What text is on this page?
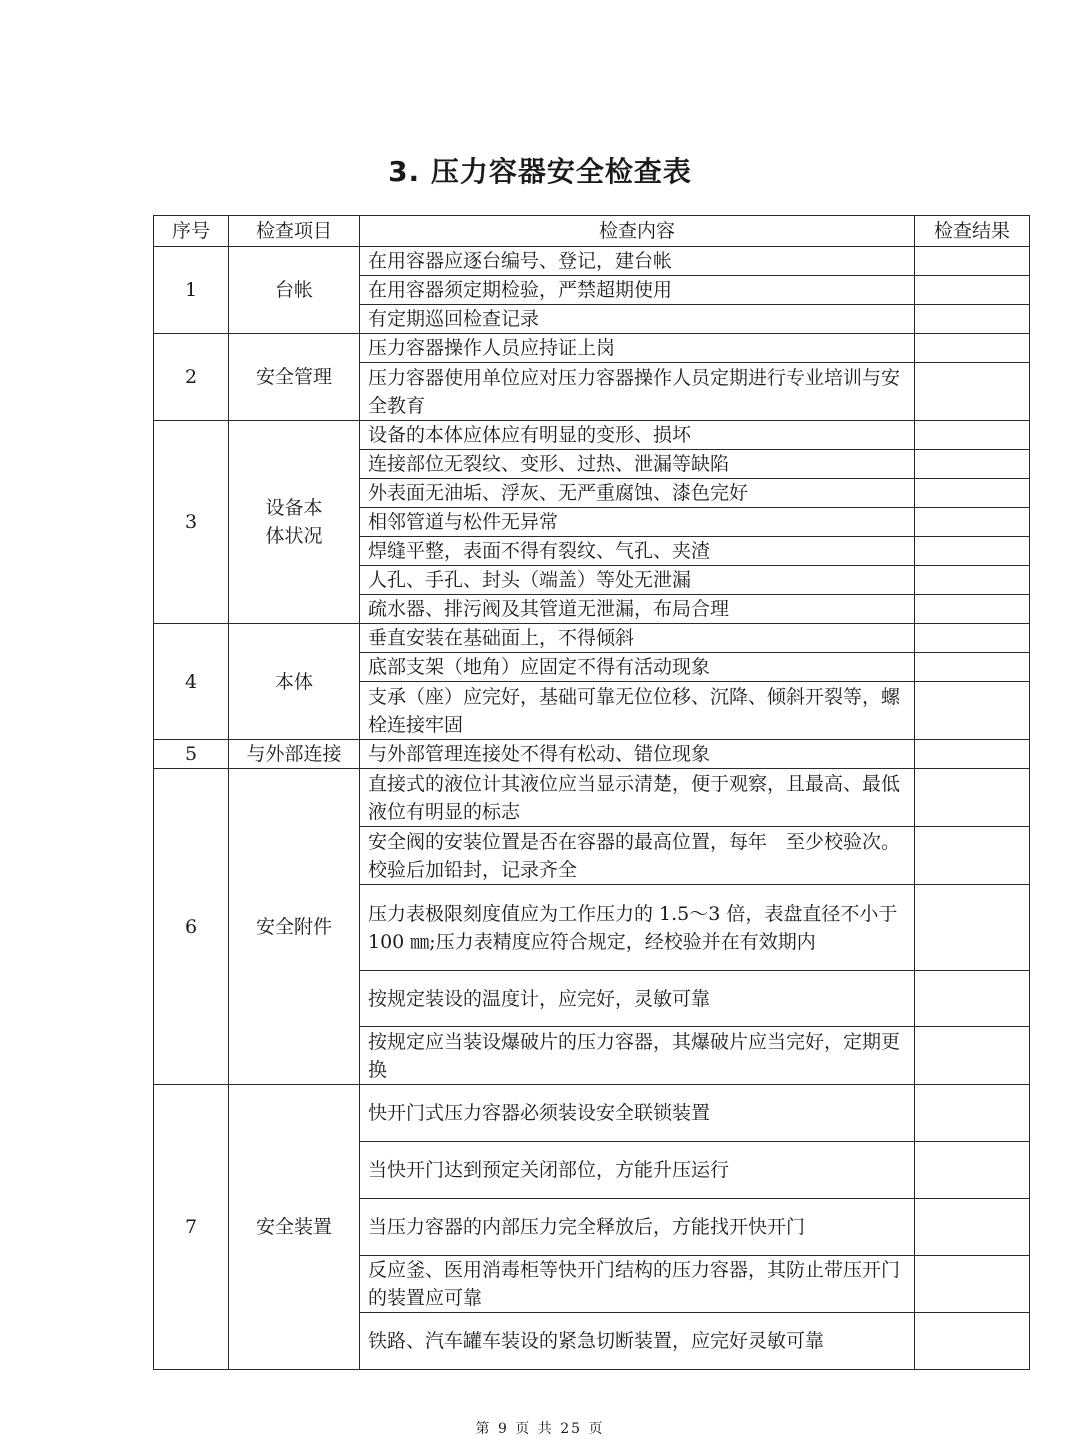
3. 压力容器安全检查表
序号	检查项目	检查内容	检查结果
1	台帐	在用容器应逐台编号、登记，建台帐	
		在用容器须定期检验，严禁超期使用	
		有定期巡回检查记录	
2	安全管理	压力容器操作人员应持证上岗	
		压力容器使用单位应对压力容器操作人员定期进行专业培训与安全教育	
3	设备本体状况	设备的本体应体应有明显的变形、损坏	
		连接部位无裂纹、变形、过热、泄漏等缺陷	
		外表面无油垢、浮灰、无严重腐蚀、漆色完好	
		相邻管道与松件无异常	
		焊缝平整，表面不得有裂纹、气孔、夹渣	
		人孔、手孔、封头（端盖）等处无泄漏	
		疏水器、排污阀及其管道无泄漏，布局合理	
4	本体	垂直安装在基础面上，不得倾斜	
		底部支架（地角）应固定不得有活动现象	
		支承（座）应完好，基础可靠无位位移、沉降、倾斜开裂等，螺栓连接牢固	
5	与外部连接	与外部管理连接处不得有松动、错位现象	
6	安全附件	直接式的液位计其液位应当显示清楚，便于观察，且最高、最低液位有明显的标志	
		安全阀的安装位置是否在容器的最高位置，每年　至少校验次。校验后加铅封，记录齐全	
		压力表极限刻度值应为工作压力的 1.5～3 倍，表盘直径不小于 100 ㎜;压力表精度应符合规定，经校验并在有效期内	
		按规定装设的温度计，应完好，灵敏可靠	
		按规定应当装设爆破片的压力容器，其爆破片应当完好，定期更换	
7	安全装置	快开门式压力容器必须装设安全联锁装置	
		当快开门达到预定关闭部位，方能升压运行	
		当压力容器的内部压力完全释放后，方能找开快开门	
		反应釜、医用消毒柜等快开门结构的压力容器，其防止带压开门的装置应可靠	
		铁路、汽车罐车装设的紧急切断装置，应完好灵敏可靠	
第 9 页 共 25 页
